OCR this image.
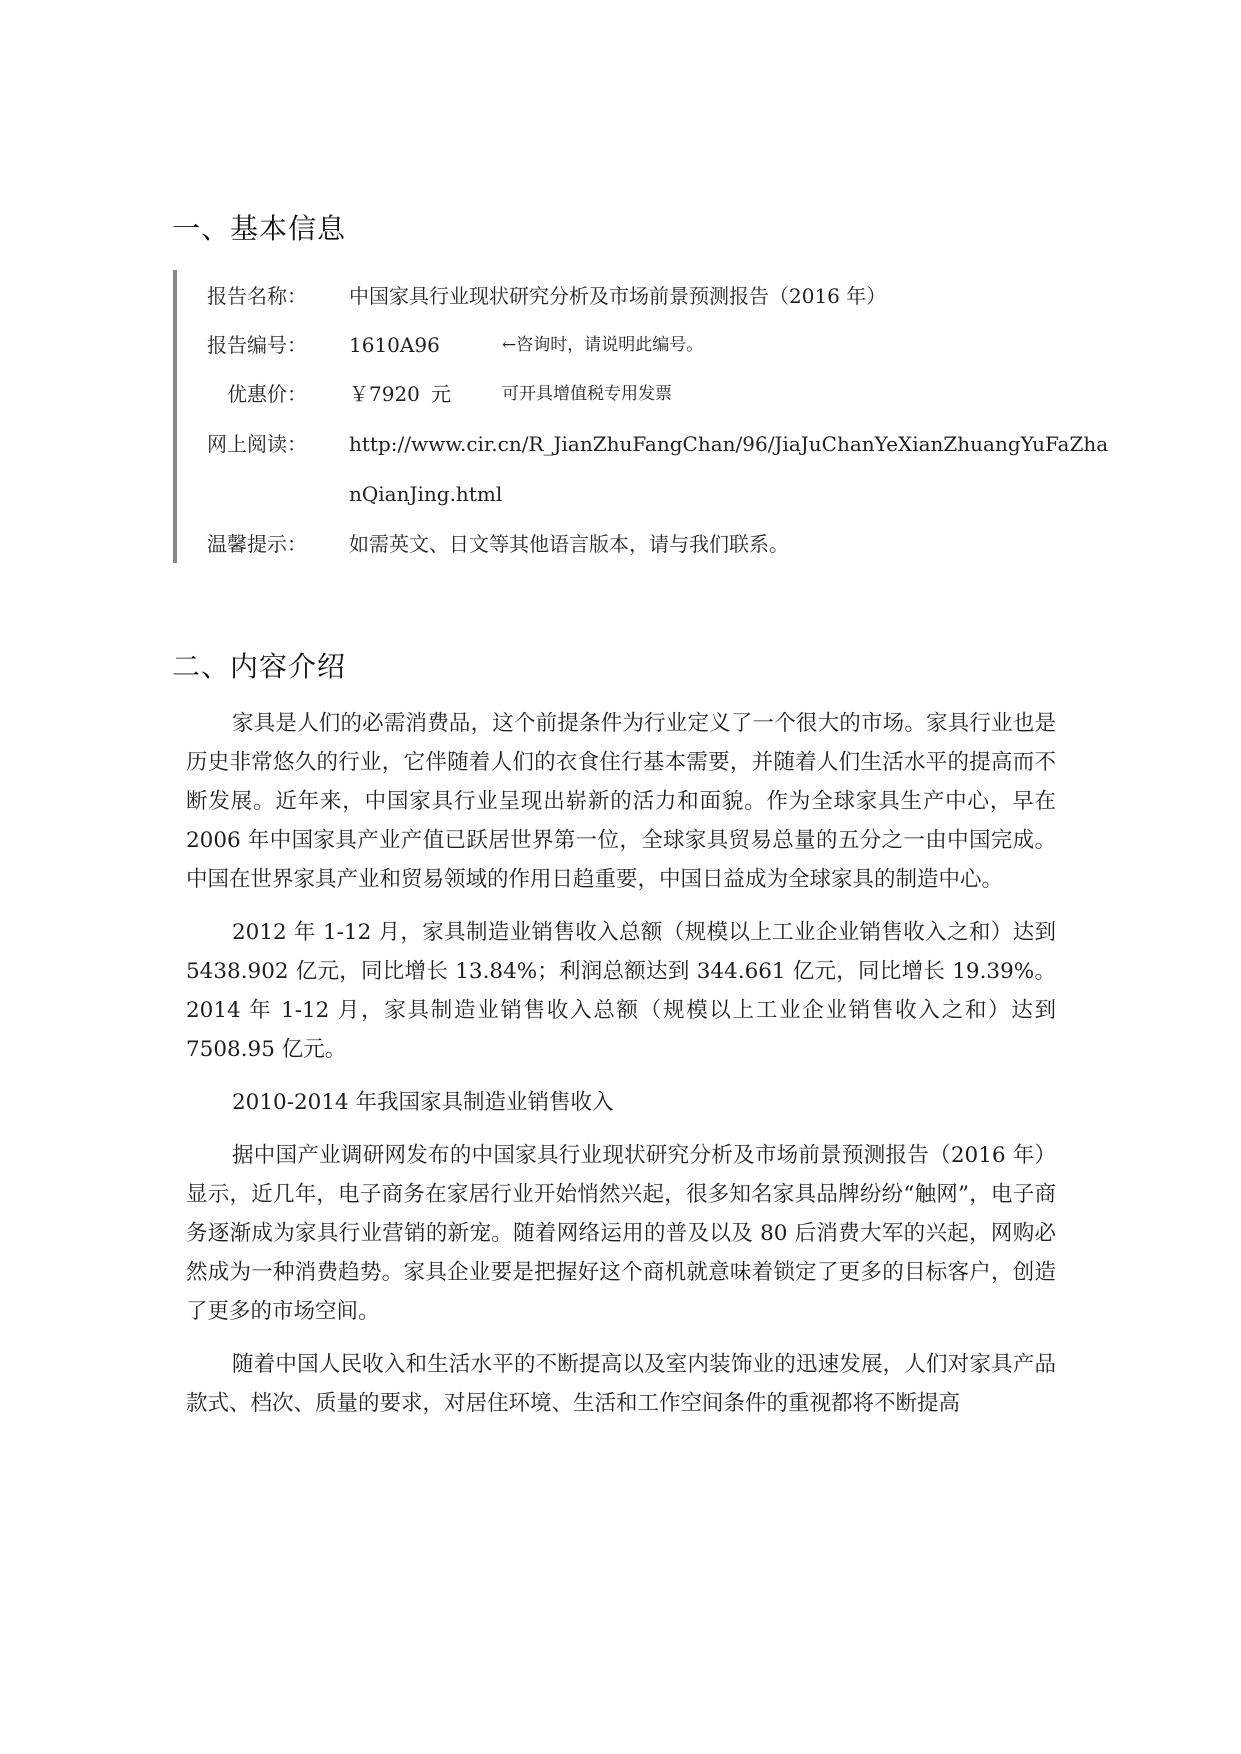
一、基本信息
报告名称： 中国家具行业现状研究分析及市场前景预测报告（2016 年）
报告编号： 1610A96	←咨询时，请说明此编号。
优惠价： ￥7920 元	可开具增值税专用发票
网上阅读： http://www.cir.cn/R_JianZhuFangChan/96/JiaJuChanYeXianZhuangYuFaZha
nQianJing.html
温馨提示： 如需英文、日文等其他语言版本，请与我们联系。
二、内容介绍

家具是人们的必需消费品，这个前提条件为行业定义了一个很大的市场。家具行业也是历史非常悠久的行业，它伴随着人们的衣食住行基本需要，并随着人们生活水平的提高而不断发展。近年来，中国家具行业呈现出崭新的活力和面貌。作为全球家具生产中心，早在 2006 年中国家具产业产值已跃居世界第一位，全球家具贸易总量的五分之一由中国完成。中国在世界家具产业和贸易领域的作用日趋重要，中国日益成为全球家具的制造中心。

2012 年 1-12 月，家具制造业销售收入总额（规模以上工业企业销售收入之和）达到 5438.902 亿元，同比增长 13.84%；利润总额达到 344.661 亿元，同比增长 19.39%。2014 年 1-12 月，家具制造业销售收入总额（规模以上工业企业销售收入之和）达到 7508.95 亿元。

2010-2014 年我国家具制造业销售收入

据中国产业调研网发布的中国家具行业现状研究分析及市场前景预测报告（2016 年）显示，近几年，电子商务在家居行业开始悄然兴起，很多知名家具品牌纷纷“触网”，电子商务逐渐成为家具行业营销的新宠。随着网络运用的普及以及 80 后消费大军的兴起，网购必然成为一种消费趋势。家具企业要是把握好这个商机就意味着锁定了更多的目标客户，创造了更多的市场空间。

随着中国人民收入和生活水平的不断提高以及室内装饰业的迅速发展，人们对家具产品款式、档次、质量的要求，对居住环境、生活和工作空间条件的重视都将不断提高
